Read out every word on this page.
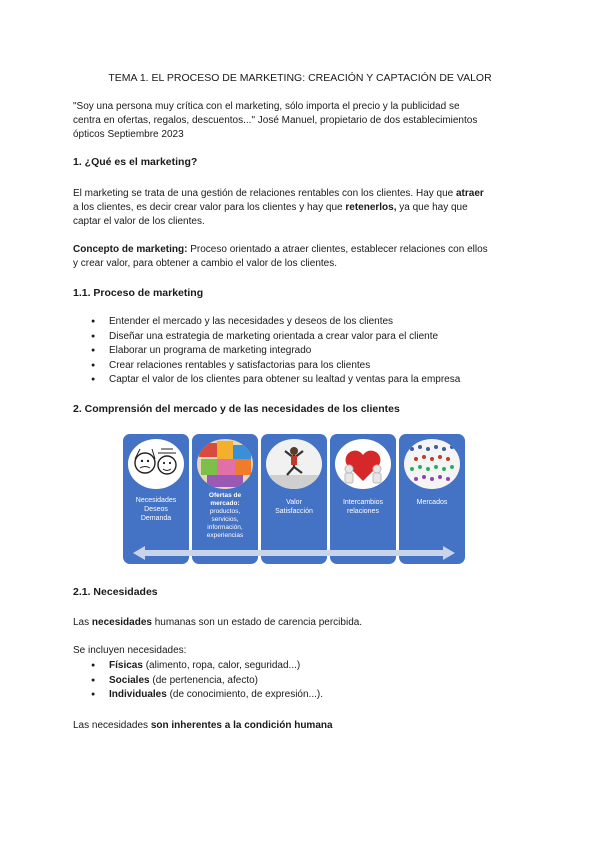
TEMA 1. EL PROCESO DE MARKETING: CREACIÓN Y CAPTACIÓN DE VALOR
"Soy una persona muy crítica con el marketing, sólo importa el precio y la publicidad se
centra en ofertas, regalos, descuentos..." José Manuel, propietario de dos establecimientos
ópticos Septiembre 2023
1. ¿Qué es el marketing?
El marketing se trata de una gestión de relaciones rentables con los clientes. Hay que atraer
a los clientes, es decir crear valor para los clientes y hay que retenerlos, ya que hay que
captar el valor de los clientes.
Concepto de marketing: Proceso orientado a atraer clientes, establecer relaciones con ellos
y crear valor, para obtener a cambio el valor de los clientes.
1.1. Proceso de marketing
● Entender el mercado y las necesidades y deseos de los clientes
● Diseñar una estrategia de marketing orientada a crear valor para el cliente
● Elaborar un programa de marketing integrado
● Crear relaciones rentables y satisfactorias para los clientes
● Captar el valor de los clientes para obtener su lealtad y ventas para la empresa
2. Comprensión del mercado y de las necesidades de los clientes
Necesidades
Deseos
Demanda
Ofertas de mercado:
productos,
servicios,
información,
experiencias
Valor
Satisfacción
Intercambios
relaciones
Mercados
2.1. Necesidades
Las necesidades humanas son un estado de carencia percibida.
Se incluyen necesidades:
● Físicas (alimento, ropa, calor, seguridad...)
● Sociales (de pertenencia, afecto)
● Individuales (de conocimiento, de expresión...).
Las necesidades son inherentes a la condición humana
